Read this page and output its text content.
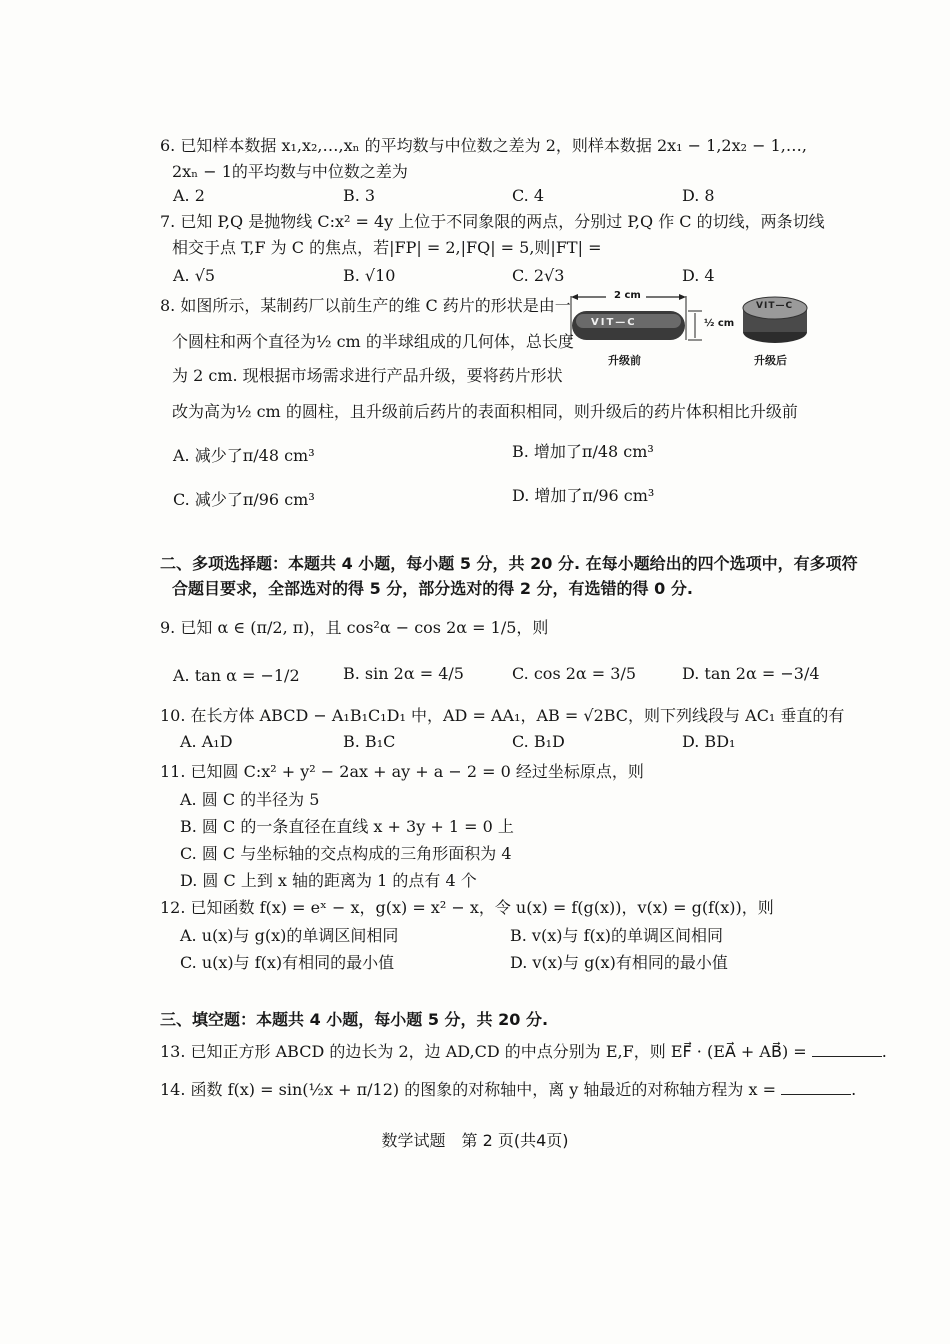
6. 已知样本数据 x₁,x₂,…,xₙ 的平均数与中位数之差为 2，则样本数据 2x₁ − 1,2x₂ − 1,…,
2xₙ − 1的平均数与中位数之差为
A. 2	B. 3	C. 4	D. 8
7. 已知 P,Q 是抛物线 C:x² = 4y 上位于不同象限的两点，分别过 P,Q 作 C 的切线，两条切线
相交于点 T,F 为 C 的焦点，若|FP| = 2,|FQ| = 5,则|FT| =
A. √5	B. √10	C. 2√3	D. 4
8. 如图所示，某制药厂以前生产的维 C 药片的形状是由一
个圆柱和两个直径为½ cm 的半球组成的几何体，总长度
为 2 cm. 现根据市场需求进行产品升级，要将药片形状
改为高为½ cm 的圆柱，且升级前后药片的表面积相同，则升级后的药片体积相比升级前
2 cm
VIT—C
VIT—C
½ cm
升级前	升级后
A. 减少了π/48 cm³	B. 增加了π/48 cm³
C. 减少了π/96 cm³	D. 增加了π/96 cm³
二、多项选择题：本题共 4 小题，每小题 5 分，共 20 分. 在每小题给出的四个选项中，有多项符
合题目要求，全部选对的得 5 分，部分选对的得 2 分，有选错的得 0 分.
9. 已知 α ∈ (π/2, π)，且 cos²α − cos 2α = 1/5，则
A. tan α = −1/2	B. sin 2α = 4/5	C. cos 2α = 3/5	D. tan 2α = −3/4
10. 在长方体 ABCD − A₁B₁C₁D₁ 中，AD = AA₁，AB = √2BC，则下列线段与 AC₁ 垂直的有
A. A₁D	B. B₁C	C. B₁D	D. BD₁
11. 已知圆 C:x² + y² − 2ax + ay + a − 2 = 0 经过坐标原点，则
A. 圆 C 的半径为 5
B. 圆 C 的一条直径在直线 x + 3y + 1 = 0 上
C. 圆 C 与坐标轴的交点构成的三角形面积为 4
D. 圆 C 上到 x 轴的距离为 1 的点有 4 个
12. 已知函数 f(x) = eˣ − x，g(x) = x² − x，令 u(x) = f(g(x))，v(x) = g(f(x))，则
A. u(x)与 g(x)的单调区间相同	B. v(x)与 f(x)的单调区间相同
C. u(x)与 f(x)有相同的最小值	D. v(x)与 g(x)有相同的最小值
三、填空题：本题共 4 小题，每小题 5 分，共 20 分.
13. 已知正方形 ABCD 的边长为 2，边 AD,CD 的中点分别为 E,F，则 EF⃗ · (EA⃗ + AB⃗) =	.
14. 函数 f(x) = sin(½x + π/12) 的图象的对称轴中，离 y 轴最近的对称轴方程为 x =	.
数学试题　第 2 页(共4页)
